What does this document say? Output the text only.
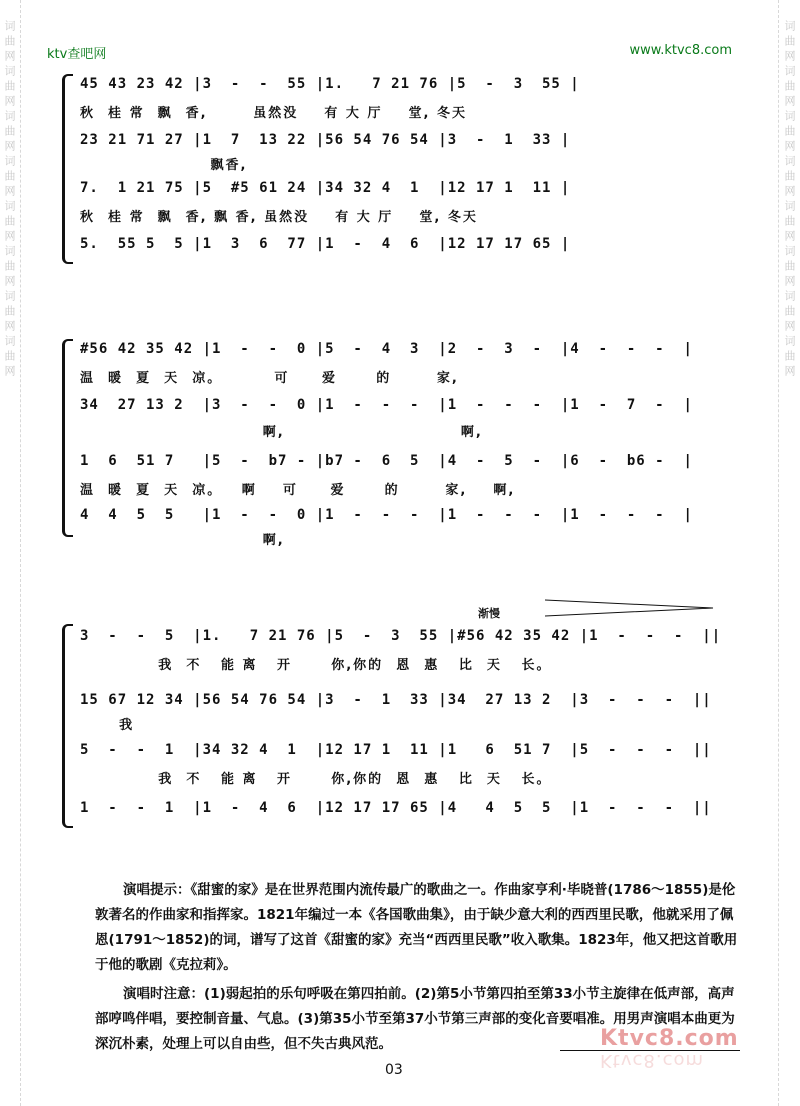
词曲网词曲网词曲网词曲网词曲网词曲网词曲网词曲网	词曲网词曲网词曲网词曲网词曲网词曲网词曲网词曲网
ktv查吧网	www.ktvc8.com
45 43 23 42 |3  -  -  55 |1.   7 21 76 |5  -  3  55 |
秋  桂 常  飘  香,       虽然没    有 大 厅    堂, 冬天
23 21 71 27 |1  7  13 22 |56 54 76 54 |3  -  1  33 |
飘香,
7.  1 21 75 |5  #5 61 24 |34 32 4  1  |12 17 1  11 |
秋  桂 常  飘  香, 飘 香, 虽然没    有 大 厅    堂, 冬天
5.  55 5  5 |1  3  6  77 |1  -  4  6  |12 17 17 65 |
#56 42 35 42 |1  -  -  0 |5  -  4  3  |2  -  3  -  |4  -  -  -  |
温  暖  夏  天  凉。        可     爱      的       家,
34  27 13 2  |3  -  -  0 |1  -  -  -  |1  -  -  -  |1  -  7  -  |
啊,                           啊,
1  6  51 7   |5  -  b7 - |b7 -  6  5  |4  -  5  -  |6  -  b6 -  |
温  暖  夏  天  凉。   啊    可     爱      的       家,    啊,
4  4  5  5   |1  -  -  0 |1  -  -  -  |1  -  -  -  |1  -  -  -  |
啊,
渐慢
3  -  -  5  |1.   7 21 76 |5  -  3  55 |#56 42 35 42 |1  -  -  -  ||
我  不   能 离   开      你,你的  恩  惠   比  天   长。
15 67 12 34 |56 54 76 54 |3  -  1  33 |34  27 13 2  |3  -  -  -  ||
我
5  -  -  1  |34 32 4  1  |12 17 1  11 |1   6  51 7  |5  -  -  -  ||
我  不   能 离   开      你,你的  恩  惠   比  天   长。
1  -  -  1  |1  -  4  6  |12 17 17 65 |4   4  5  5  |1  -  -  -  ||

演唱提示：《甜蜜的家》是在世界范围内流传最广的歌曲之一。作曲家亨利·毕晓普(1786～1855)是伦敦著名的作曲家和指挥家。1821年编过一本《各国歌曲集》，由于缺少意大利的西西里民歌，他就采用了佩恩(1791～1852)的词，谱写了这首《甜蜜的家》充当“西西里民歌”收入歌集。1823年，他又把这首歌用于他的歌剧《克拉莉》。

演唱时注意：(1)弱起拍的乐句呼吸在第四拍前。(2)第5小节第四拍至第33小节主旋律在低声部，高声部哼鸣伴唱，要控制音量、气息。(3)第35小节至第37小节第三声部的变化音要唱准。用男声演唱本曲更为深沉朴素，处理上可以自由些，但不失古典风范。	Ktvc8.com
Ktvc8.com
03
